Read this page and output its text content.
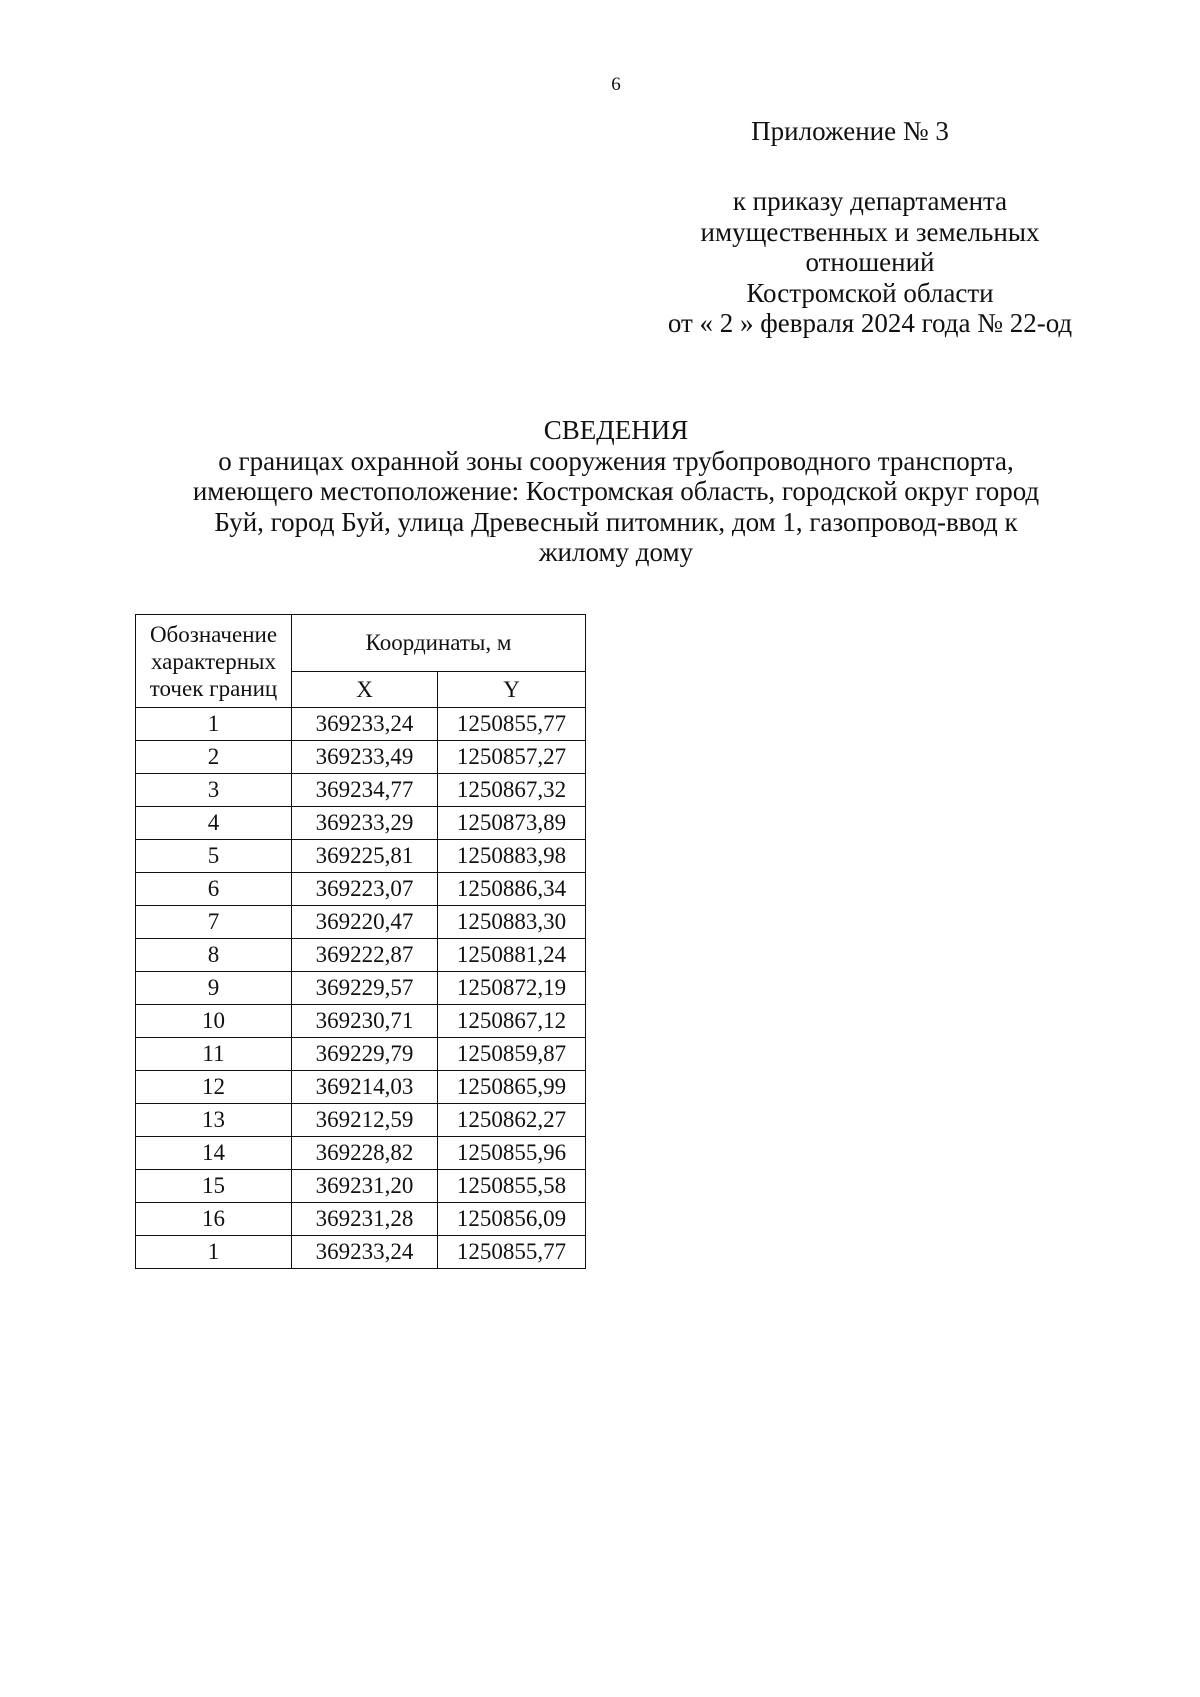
6
Приложение № 3
к приказу департамента
имущественных и земельных
отношений
Костромской области
от « 2 » февраля 2024 года № 22-од
СВЕДЕНИЯ
о границах охранной зоны сооружения трубопроводного транспорта,
имеющего местоположение: Костромская область, городской округ город
Буй, город Буй, улица Древесный питомник, дом 1, газопровод-ввод к
жилому дому
Обозначение
характерных
точек границ	Координаты, м	
	X	Y
1	369233,24	1250855,77
2	369233,49	1250857,27
3	369234,77	1250867,32
4	369233,29	1250873,89
5	369225,81	1250883,98
6	369223,07	1250886,34
7	369220,47	1250883,30
8	369222,87	1250881,24
9	369229,57	1250872,19
10	369230,71	1250867,12
11	369229,79	1250859,87
12	369214,03	1250865,99
13	369212,59	1250862,27
14	369228,82	1250855,96
15	369231,20	1250855,58
16	369231,28	1250856,09
1	369233,24	1250855,77
